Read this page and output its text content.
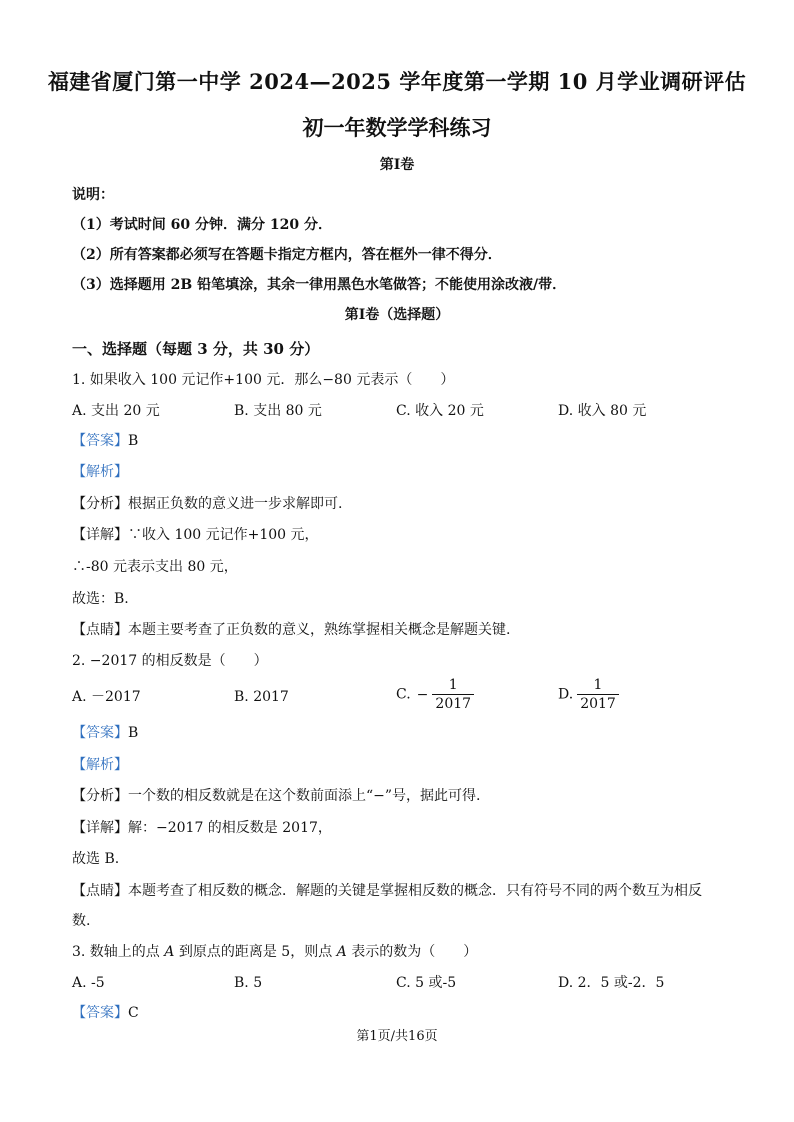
福建省厦门第一中学 2024—2025 学年度第一学期 10 月学业调研评估
初一年数学学科练习
第I卷
说明：
（1）考试时间 60 分钟．满分 120 分．
（2）所有答案都必须写在答题卡指定方框内，答在框外一律不得分．
（3）选择题用 2B 铅笔填涂，其余一律用黑色水笔做答；不能使用涂改液/带．
第I卷（选择题）
一、选择题（每题 3 分，共 30 分）
1. 如果收入 100 元记作+100 元．那么−80 元表示（　　）
A. 支出 20 元	B. 支出 80 元	C. 收入 20 元	D. 收入 80 元
【答案】B
【解析】
【分析】根据正负数的意义进一步求解即可.
【详解】∵收入 100 元记作+100 元，
∴-80 元表示支出 80 元，
故选：B.
【点睛】本题主要考查了正负数的意义，熟练掌握相关概念是解题关键.
2. −2017 的相反数是（　　）
A. －2017	B. 2017	C. − $\frac{1}{2017}$	D. $\frac{1}{2017}$
【答案】B
【解析】
【分析】一个数的相反数就是在这个数前面添上“−”号，据此可得.
【详解】解：−2017 的相反数是 2017，
故选 B.
【点睛】本题考查了相反数的概念．解题的关键是掌握相反数的概念．只有符号不同的两个数互为相反
数.
3. 数轴上的点 A 到原点的距离是 5，则点 A 表示的数为（　　）
A. -5	B. 5	C. 5 或-5	D. 2．5 或-2．5
【答案】C
第1页/共16页
